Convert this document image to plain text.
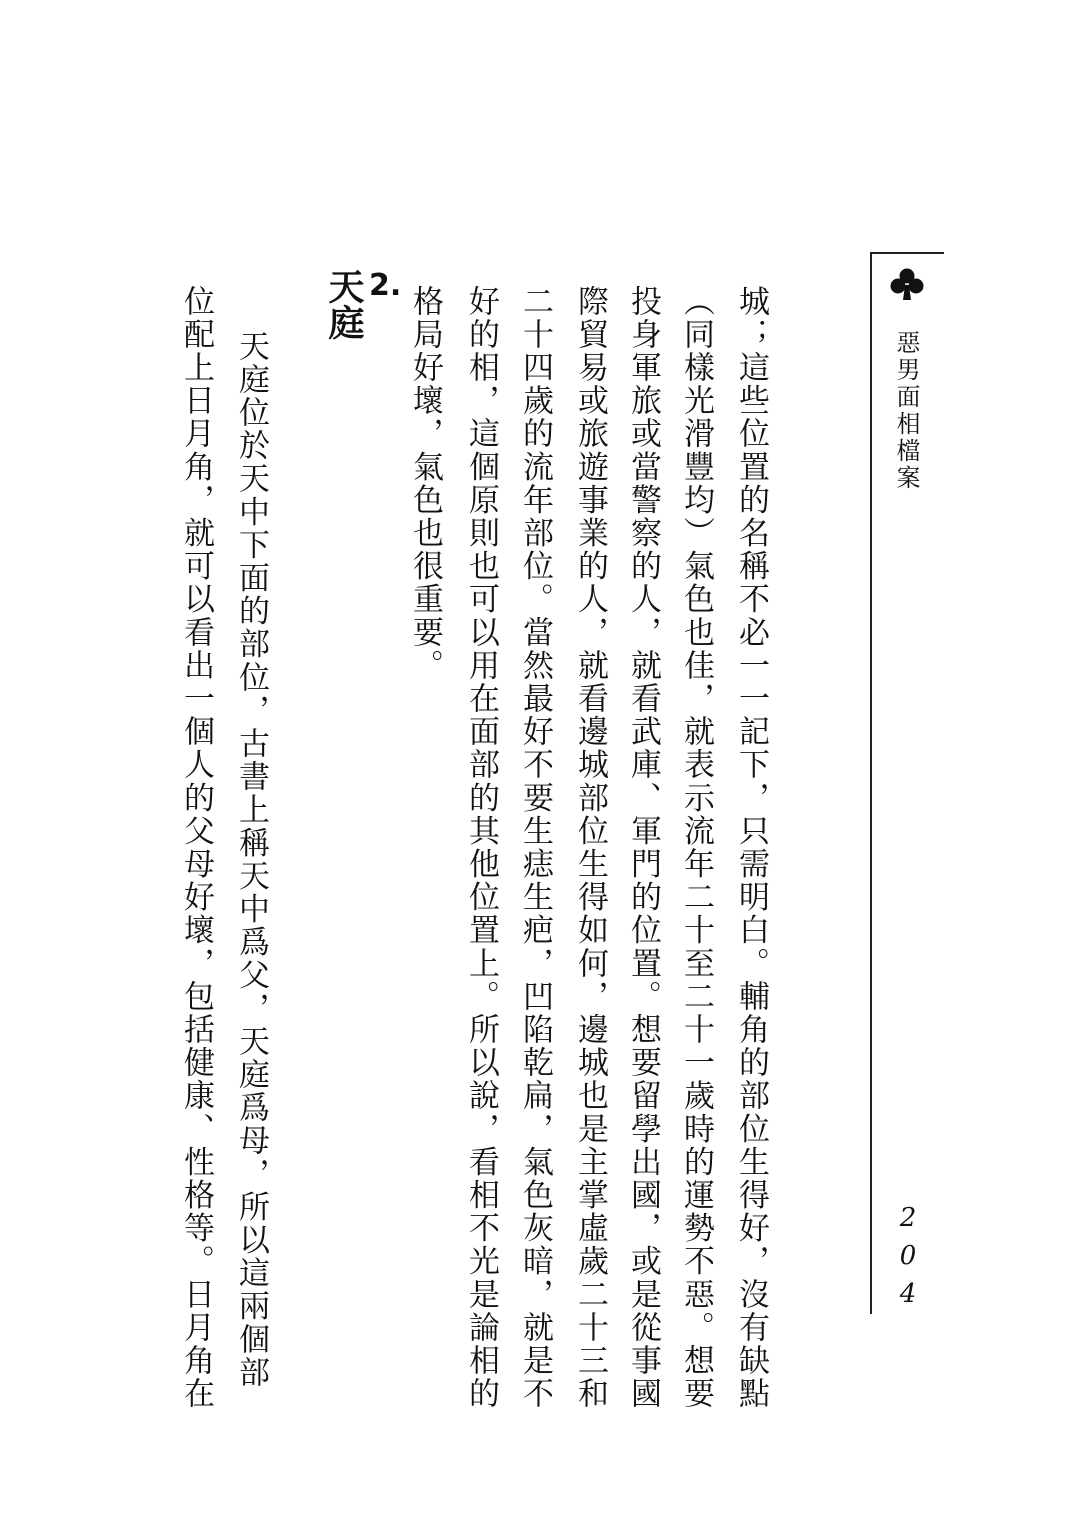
惡男面相檔案
204
城；這些位置的名稱不必一一記下，只需明白。輔角的部位生得好，沒有缺點
（同樣光滑豐均）氣色也佳，就表示流年二十至二十一歲時的運勢不惡。想要
投身軍旅或當警察的人，就看武庫、軍門的位置。想要留學出國，或是從事國
際貿易或旅遊事業的人，就看邊城部位生得如何，邊城也是主掌虛歲二十三和
二十四歲的流年部位。當然最好不要生痣生疤，凹陷乾扁，氣色灰暗，就是不
好的相，這個原則也可以用在面部的其他位置上。所以說，看相不光是論相的
格局好壞，氣色也很重要。
2.
天庭
天庭位於天中下面的部位，古書上稱天中爲父，天庭爲母，所以這兩個部
位配上日月角，就可以看出一個人的父母好壞，包括健康、性格等。日月角在
